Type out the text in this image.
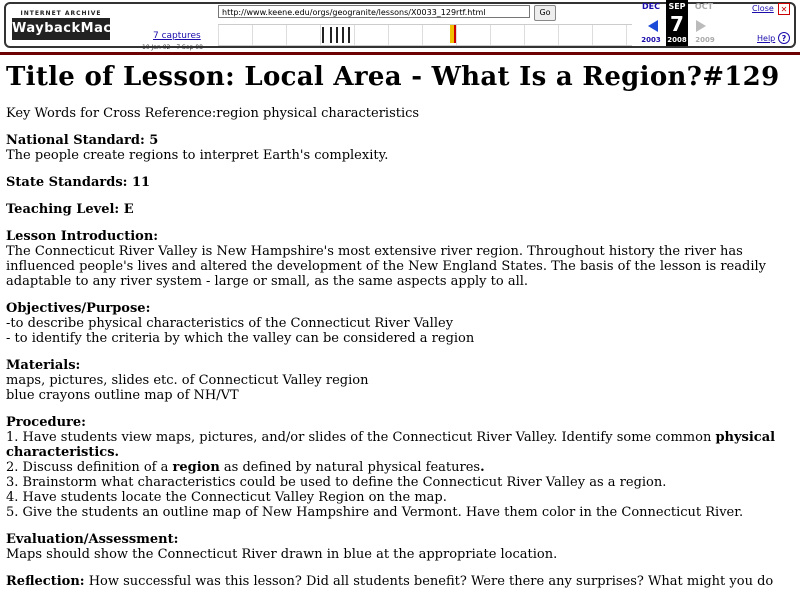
INTERNET ARCHIVE
WaybackMachine 7 captures
10 Jan 02 - 7 Sep 08
http://www.keene.edu/orgs/geogranite/lessons/X0033_129rtf.html	Go
DEC	SEP	OCT
7
2003 2008	2009
Close ✕
Help ?
Title of Lesson: Local Area - What Is a Region?#129

Key Words for Cross Reference:region physical characteristics

National Standard: 5

The people create regions to interpret Earth's complexity.

State Standards: 11
Teaching Level: E
Lesson Introduction:

The Connecticut River Valley is New Hampshire's most extensive river region. Throughout history the river has influenced people's lives and altered the development of the New England States. The basis of the lesson is readily adaptable to any river system - large or small, as the same aspects apply to all.

Objectives/Purpose:

-to describe physical characteristics of the Connecticut River Valley

- to identify the criteria by which the valley can be considered a region

Materials:

maps, pictures, slides etc. of Connecticut Valley region

blue crayons outline map of NH/VT

Procedure:

1. Have students view maps, pictures, and/or slides of the Connecticut River Valley. Identify some common physical characteristics.

2. Discuss definition of a region as defined by natural physical features.

3. Brainstorm what characteristics could be used to define the Connecticut River Valley as a region.

4. Have students locate the Connecticut Valley Region on the map.

5. Give the students an outline map of New Hampshire and Vermont. Have them color in the Connecticut River.

Evaluation/Assessment:

Maps should show the Connecticut River drawn in blue at the appropriate location.

Reflection: How successful was this lesson? Did all students benefit? Were there any surprises? What might you do
